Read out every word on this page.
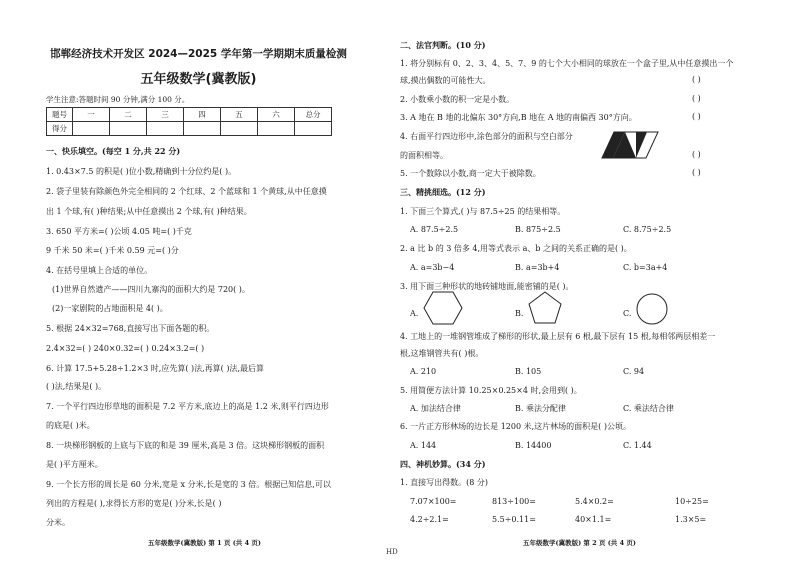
邯郸经济技术开发区 2024—2025 学年第一学期期末质量检测
五年级数学(冀教版)
学生注意:答题时间 90 分钟,满分 100 分。
题号	一	二	三	四	五	六	总分
得分							
一、快乐填空。(每空 1 分,共 22 分)
1. 0.43×7.5 的积是( )位小数,精确到十分位约是( )。
2. 袋子里装有除颜色外完全相同的 2 个红球、2 个蓝球和 1 个黄球,从中任意摸
出 1 个球,有( )种结果;从中任意摸出 2 个球,有( )种结果。
3. 650 平方米=( )公顷 4.05 吨=( )千克
9 千米 50 米=( )千米 0.59 元=( )分
4. 在括号里填上合适的单位。
(1)世界自然遗产——四川九寨沟的面积大约是 720( )。
(2)一家剧院的占地面积是 4( )。
5. 根据 24×32=768,直接写出下面各题的积。
2.4×32=( ) 240×0.32=( ) 0.24×3.2=( )
6. 计算 17.5+5.28÷1.2×3 时,应先算( )法,再算( )法,最后算
( )法,结果是( )。
7. 一个平行四边形草地的面积是 7.2 平方米,底边上的高是 1.2 米,则平行四边形
的底是( )米。
8. 一块梯形钢板的上底与下底的和是 39 厘米,高是 3 倍。这块梯形钢板的面积
是( )平方厘米。
9. 一个长方形的周长是 60 分米,宽是 x 分米,长是宽的 3 倍。根据已知信息,可以
列出的方程是( ),求得长方形的宽是( )分米,长是( )
分米。
五年级数学(冀教版) 第 1 页 (共 4 页)
二、法官判断。(10 分)
1. 将分别标有 0、2、3、4、5、7、9 的七个大小相同的球放在一个盒子里,从中任意摸出一个
球,摸出偶数的可能性大。	( )
2. 小数乘小数的积一定是小数。	( )
3. A 地在 B 地的北偏东 30°方向,B 地在 A 地的南偏西 30°方向。	( )
4. 右面平行四边形中,涂色部分的面积与空白部分
的面积相等。	( )
5. 一个数除以小数,商一定大于被除数。	( )
三、精挑细选。(12 分)
1. 下面三个算式,( )与 87.5÷25 的结果相等。
A. 87.5÷2.5	B. 875÷2.5	C. 8.75÷2.5
2. a 比 b 的 3 倍多 4,用等式表示 a、b 之间的关系正确的是( )。
A. a=3b−4	B. a=3b+4	C. b=3a+4
3. 用下面三种形状的地砖铺地面,能密铺的是( )。
A.	B.	C.
4. 工地上的一堆钢管堆成了梯形的形状,最上层有 6 根,最下层有 15 根,每相邻两层相差一
根,这堆钢管共有( )根。
A. 210	B. 105	C. 94
5. 用简便方法计算 10.25×0.25×4 时,会用到( )。
A. 加法结合律	B. 乘法分配律	C. 乘法结合律
6. 一片正方形林场的边长是 1200 米,这片林场的面积是( )公顷。
A. 144	B. 14400	C. 1.44
四、神机妙算。(34 分)
1. 直接写出得数。(8 分)
7.07×100=	813÷100=	5.4×0.2=	10÷25=
4.2÷2.1=	5.5÷0.11=	40×1.1=	1.3×5=
五年级数学(冀教版) 第 2 页 (共 4 页)
HD
